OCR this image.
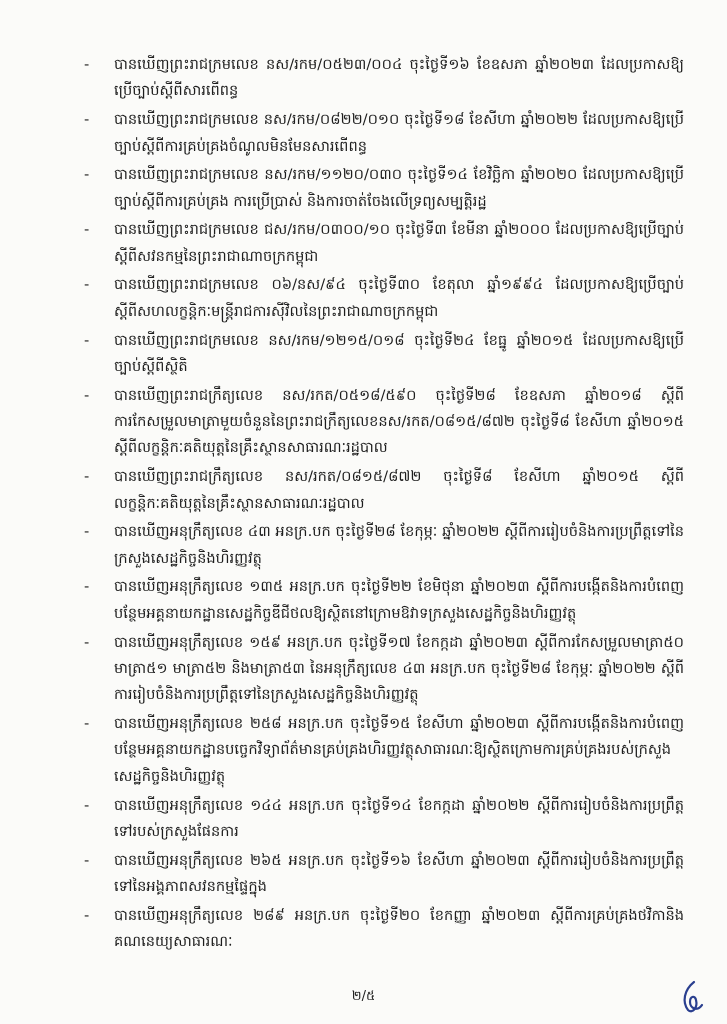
-	បានឃើញព្រះរាជក្រមលេខ នស/រកម/០៥២៣/០០៤ ចុះថ្ងៃទី១៦ ខែឧសភា ឆ្នាំ២០២៣ ដែលប្រកាសឱ្យប្រើច្បាប់ស្តីពីសារពើពន្ធ
-	បានឃើញព្រះរាជក្រមលេខ នស/រកម/០៨២២/០១០ ចុះថ្ងៃទី១៨ ខែសីហា ឆ្នាំ២០២២ ដែលប្រកាសឱ្យប្រើច្បាប់ស្តីពីការគ្រប់គ្រងចំណូលមិនមែនសារពើពន្ធ
-	បានឃើញព្រះរាជក្រមលេខ នស/រកម/១១២០/០៣០ ចុះថ្ងៃទី១៤ ខែវិច្ឆិកា ឆ្នាំ២០២០ ដែលប្រកាសឱ្យប្រើច្បាប់ស្តីពីការគ្រប់គ្រង ការប្រើប្រាស់ និងការចាត់ចែងលើទ្រព្យសម្បត្តិរដ្ឋ
-	បានឃើញព្រះរាជក្រមលេខ ជស/រកម/០៣០០/១០ ចុះថ្ងៃទី៣ ខែមីនា ឆ្នាំ២០០០ ដែលប្រកាសឱ្យប្រើច្បាប់ស្តីពីសវនកម្មនៃព្រះរាជាណាចក្រកម្ពុជា
-	បានឃើញព្រះរាជក្រមលេខ ០៦/នស/៩៤ ចុះថ្ងៃទី៣០ ខែតុលា ឆ្នាំ១៩៩៤ ដែលប្រកាសឱ្យប្រើច្បាប់ស្តីពីសហលក្ខន្តិកៈមន្ត្រីរាជការស៊ីវិលនៃព្រះរាជាណាចក្រកម្ពុជា
-	បានឃើញព្រះរាជក្រមលេខ នស/រកម/១២១៥/០១៨ ចុះថ្ងៃទី២៤ ខែធ្នូ ឆ្នាំ២០១៥ ដែលប្រកាសឱ្យប្រើច្បាប់ស្តីពីស្ថិតិ
-	បានឃើញព្រះរាជក្រឹត្យលេខ នស/រកត/០៥១៨/៥៩០ ចុះថ្ងៃទី២៨ ខែឧសភា ឆ្នាំ២០១៨ ស្តីពីការកែសម្រួលមាត្រាមួយចំនួននៃព្រះរាជក្រឹត្យលេខនស/រកត/០៨១៥/៨៧២ ចុះថ្ងៃទី៨ ខែសីហា ឆ្នាំ២០១៥ ស្តីពីលក្ខន្តិកៈគតិយុត្តនៃគ្រឹះស្ថានសាធារណៈរដ្ឋបាល
-	បានឃើញព្រះរាជក្រឹត្យលេខ នស/រកត/០៨១៥/៨៧២ ចុះថ្ងៃទី៨ ខែសីហា ឆ្នាំ២០១៥ ស្តីពីលក្ខន្តិកៈគតិយុត្តនៃគ្រឹះស្ថានសាធារណៈរដ្ឋបាល
-	បានឃើញអនុក្រឹត្យលេខ ៤៣ អនក្រ.បក ចុះថ្ងៃទី២៨ ខែកុម្ភៈ ឆ្នាំ២០២២ ស្តីពីការរៀបចំនិងការប្រព្រឹត្តទៅនៃក្រសួងសេដ្ឋកិច្ចនិងហិរញ្ញវត្ថុ
-	បានឃើញអនុក្រឹត្យលេខ ១៣៥ អនក្រ.បក ចុះថ្ងៃទី២២ ខែមិថុនា ឆ្នាំ២០២៣ ស្តីពីការបង្កើតនិងការបំពេញបន្ថែមអគ្គនាយកដ្ឋានសេដ្ឋកិច្ចឌីជីថលឱ្យស្ថិតនៅក្រោមឱវាទក្រសួងសេដ្ឋកិច្ចនិងហិរញ្ញវត្ថុ
-	បានឃើញអនុក្រឹត្យលេខ ១៥៩ អនក្រ.បក ចុះថ្ងៃទី១៧ ខែកក្កដា ឆ្នាំ២០២៣ ស្តីពីការកែសម្រួលមាត្រា៥០ មាត្រា៥១ មាត្រា៥២ និងមាត្រា៥៣ នៃអនុក្រឹត្យលេខ ៤៣ អនក្រ.បក ចុះថ្ងៃទី២៨ ខែកុម្ភៈ ឆ្នាំ២០២២ ស្តីពីការរៀបចំនិងការប្រព្រឹត្តទៅនៃក្រសួងសេដ្ឋកិច្ចនិងហិរញ្ញវត្ថុ
-	បានឃើញអនុក្រឹត្យលេខ ២៥៨ អនក្រ.បក ចុះថ្ងៃទី១៥ ខែសីហា ឆ្នាំ២០២៣ ស្តីពីការបង្កើតនិងការបំពេញបន្ថែមអគ្គនាយកដ្ឋានបច្ចេកវិទ្យាព័ត៌មានគ្រប់គ្រងហិរញ្ញវត្ថុសាធារណៈឱ្យស្ថិតក្រោមការគ្រប់គ្រងរបស់ក្រសួងសេដ្ឋកិច្ចនិងហិរញ្ញវត្ថុ
-	បានឃើញអនុក្រឹត្យលេខ ១៤៤ អនក្រ.បក ចុះថ្ងៃទី១៤ ខែកក្កដា ឆ្នាំ២០២២ ស្តីពីការរៀបចំនិងការប្រព្រឹត្តទៅរបស់ក្រសួងផែនការ
-	បានឃើញអនុក្រឹត្យលេខ ២៦៥ អនក្រ.បក ចុះថ្ងៃទី១៦ ខែសីហា ឆ្នាំ២០២៣ ស្តីពីការរៀបចំនិងការប្រព្រឹត្តទៅនៃអង្គភាពសវនកម្មផ្ទៃក្នុង
-	បានឃើញអនុក្រឹត្យលេខ ២៨៩ អនក្រ.បក ចុះថ្ងៃទី២០ ខែកញ្ញា ឆ្នាំ២០២៣ ស្តីពីការគ្រប់គ្រងថវិកានិងគណនេយ្យសាធារណៈ
២/៥
